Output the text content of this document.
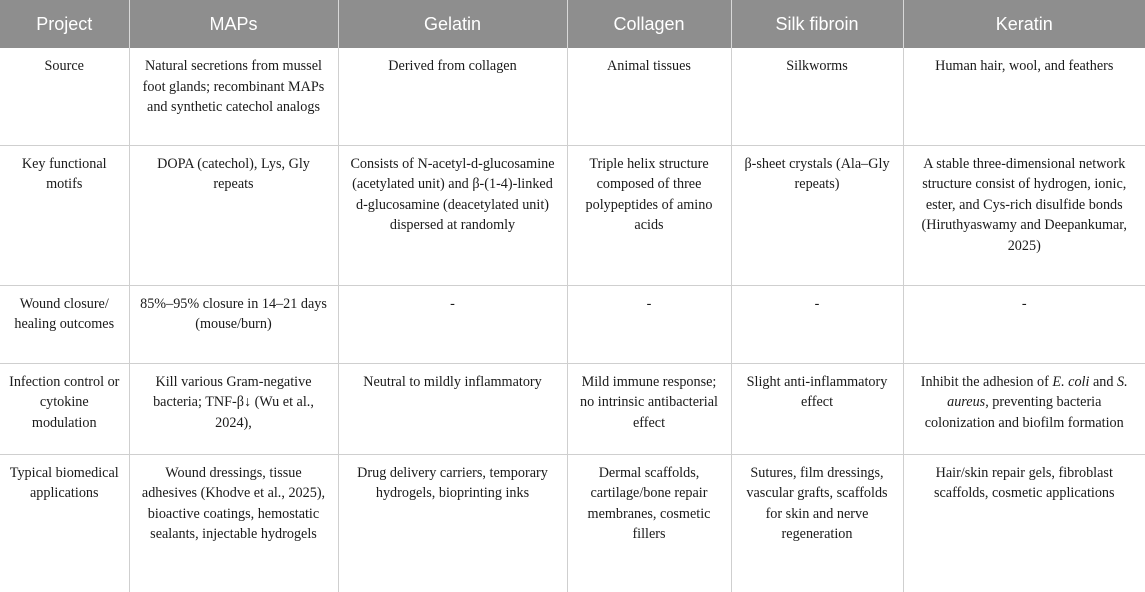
Project	MAPs	Gelatin	Collagen	Silk fibroin	Keratin
Source	Natural secretions from mussel foot glands; recombinant MAPs and synthetic catechol analogs	Derived from collagen	Animal tissues	Silkworms	Human hair, wool, and feathers
Key functional motifs	DOPA (catechol), Lys, Gly repeats	Consists of N-acetyl-d-glucosamine (acetylated unit) and β-(1-4)-linked d-glucosamine (deacetylated unit) dispersed at randomly	Triple helix structure composed of three polypeptides of amino acids	β-sheet crystals (Ala–Gly repeats)	A stable three-dimensional network structure consist of hydrogen, ionic, ester, and Cys-rich disulfide bonds (Hiruthyaswamy and Deepankumar, 2025)
Wound closure/ healing outcomes	85%–95% closure in 14–21 days (mouse/burn)	-	-	-	-
Infection control or cytokine modulation	Kill various Gram-negative bacteria; TNF-β↓ (Wu et al., 2024),	Neutral to mildly inflammatory	Mild immune response; no intrinsic antibacterial effect	Slight anti-inflammatory effect	Inhibit the adhesion of E. coli and S. aureus, preventing bacteria colonization and biofilm formation
Typical biomedical applications	Wound dressings, tissue adhesives (Khodve et al., 2025), bioactive coatings, hemostatic sealants, injectable hydrogels	Drug delivery carriers, temporary hydrogels, bioprinting inks	Dermal scaffolds, cartilage/bone repair membranes, cosmetic fillers	Sutures, film dressings, vascular grafts, scaffolds for skin and nerve regeneration	Hair/skin repair gels, fibroblast scaffolds, cosmetic applications
